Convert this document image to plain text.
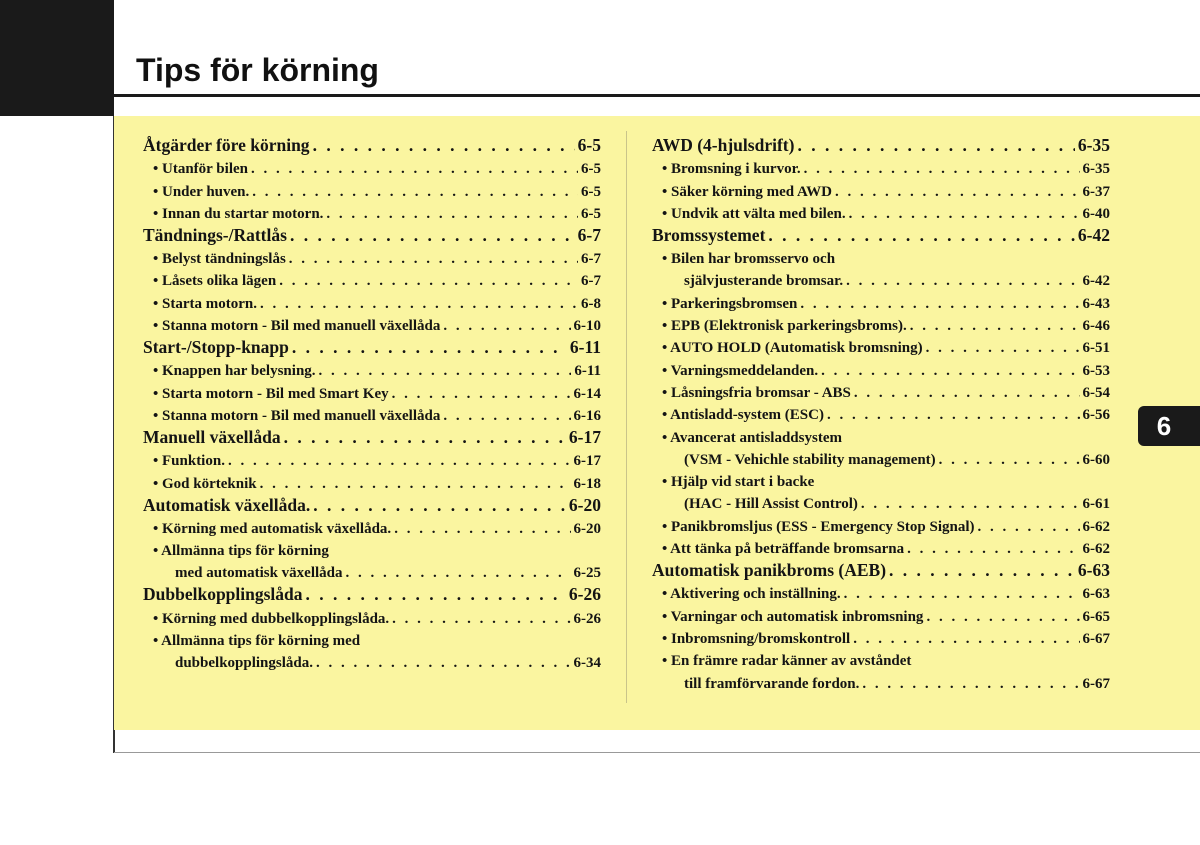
Tips för körning
Åtgärder före körning . . .	6-5
• Utanför bilen . . .	6-5
• Under huven. . . .	6-5
• Innan du startar motorn. . . .	6-5
Tändnings-/Rattlås . . .	6-7
• Belyst tändningslås . . .	6-7
• Låsets olika lägen . . .	6-7
• Starta motorn. . . .	6-8
• Stanna motorn - Bil med manuell växellåda . . .	6-10
Start-/Stopp-knapp . . .	6-11
• Knappen har belysning. . . .	6-11
• Starta motorn - Bil med Smart Key . . .	6-14
• Stanna motorn - Bil med manuell växellåda . . .	6-16
Manuell växellåda . . .	6-17
• Funktion. . . .	6-17
• God körteknik . . .	6-18
Automatisk växellåda. . . .	6-20
• Körning med automatisk växellåda. . . .	6-20
• Allmänna tips för körning
med automatisk växellåda . . .	6-25
Dubbelkopplingslåda . . .	6-26
• Körning med dubbelkopplingslåda. . . .	6-26
• Allmänna tips för körning med
dubbelkopplingslåda. . . .	6-34
AWD (4-hjulsdrift) . . .	6-35
• Bromsning i kurvor. . . .	6-35
• Säker körning med AWD . . .	6-37
• Undvik att välta med bilen. . . .	6-40
Bromssystemet . . .	6-42
• Bilen har bromsservo och
självjusterande bromsar. . . .	6-42
• Parkeringsbromsen . . .	6-43
• EPB (Elektronisk parkeringsbroms). . . .	6-46
• AUTO HOLD (Automatisk bromsning) . . .	6-51
• Varningsmeddelanden. . . .	6-53
• Låsningsfria bromsar - ABS . . .	6-54
• Antisladd-system (ESC) . . .	6-56
• Avancerat antisladdsystem
(VSM - Vehichle stability management) . . .	6-60
• Hjälp vid start i backe
(HAC - Hill Assist Control) . . .	6-61
• Panikbromsljus (ESS - Emergency Stop Signal) . . .	6-62
• Att tänka på beträffande bromsarna . . .	6-62
Automatisk panikbroms (AEB) . . .	6-63
• Aktivering och inställning. . . .	6-63
• Varningar och automatisk inbromsning . . .	6-65
• Inbromsning/bromskontroll . . .	6-67
• En främre radar känner av avståndet
till framförvarande fordon. . . .	6-67
6
